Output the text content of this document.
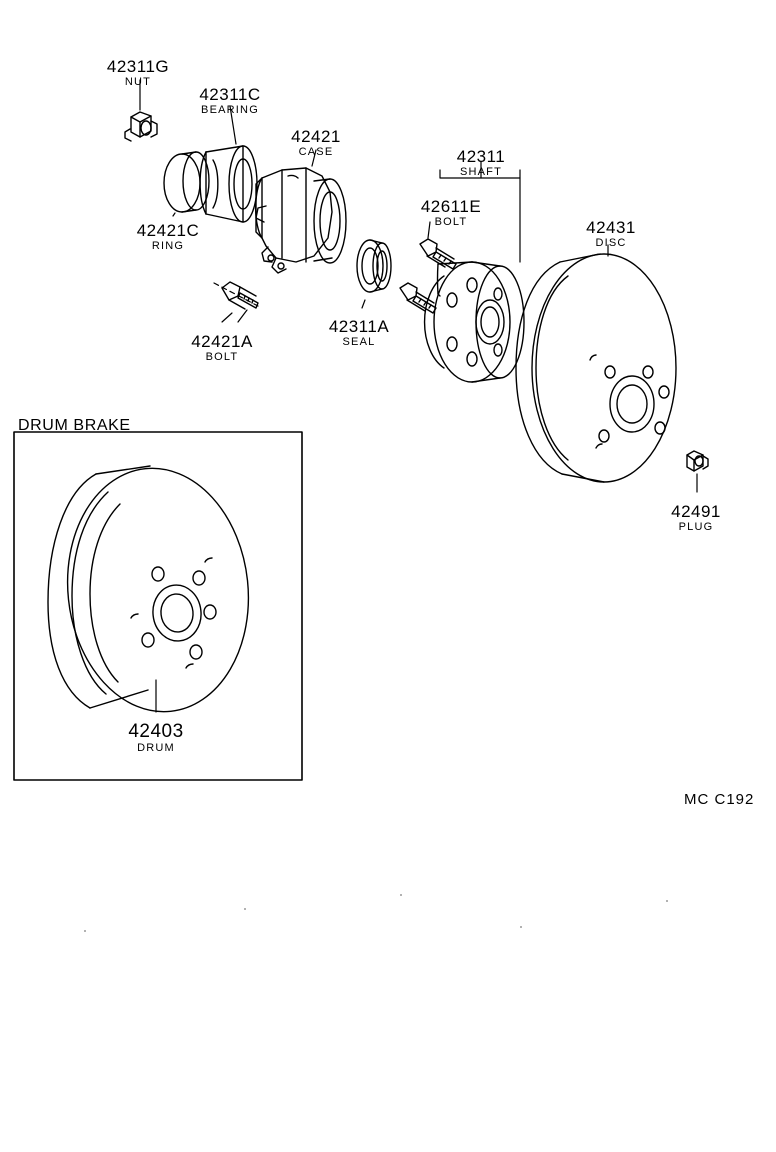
42311G
NUT
42311C
BEARING
42421
CASE	42311
SHAFT
42611E
BOLT	42431
DISC
42421C
RING
42311A
SEAL
42421A
BOLT
42491
PLUG
42403
DRUM
DRUM BRAKE
MC C192
